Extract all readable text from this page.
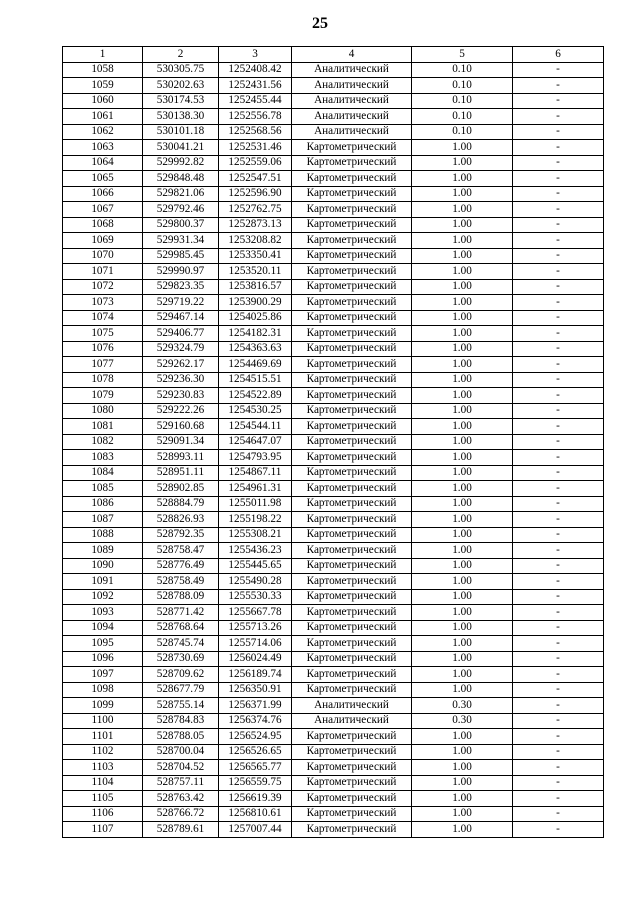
25
1	2	3	4	5	6
1058	530305.75	1252408.42	Аналитический	0.10	-
1059	530202.63	1252431.56	Аналитический	0.10	-
1060	530174.53	1252455.44	Аналитический	0.10	-
1061	530138.30	1252556.78	Аналитический	0.10	-
1062	530101.18	1252568.56	Аналитический	0.10	-
1063	530041.21	1252531.46	Картометрический	1.00	-
1064	529992.82	1252559.06	Картометрический	1.00	-
1065	529848.48	1252547.51	Картометрический	1.00	-
1066	529821.06	1252596.90	Картометрический	1.00	-
1067	529792.46	1252762.75	Картометрический	1.00	-
1068	529800.37	1252873.13	Картометрический	1.00	-
1069	529931.34	1253208.82	Картометрический	1.00	-
1070	529985.45	1253350.41	Картометрический	1.00	-
1071	529990.97	1253520.11	Картометрический	1.00	-
1072	529823.35	1253816.57	Картометрический	1.00	-
1073	529719.22	1253900.29	Картометрический	1.00	-
1074	529467.14	1254025.86	Картометрический	1.00	-
1075	529406.77	1254182.31	Картометрический	1.00	-
1076	529324.79	1254363.63	Картометрический	1.00	-
1077	529262.17	1254469.69	Картометрический	1.00	-
1078	529236.30	1254515.51	Картометрический	1.00	-
1079	529230.83	1254522.89	Картометрический	1.00	-
1080	529222.26	1254530.25	Картометрический	1.00	-
1081	529160.68	1254544.11	Картометрический	1.00	-
1082	529091.34	1254647.07	Картометрический	1.00	-
1083	528993.11	1254793.95	Картометрический	1.00	-
1084	528951.11	1254867.11	Картометрический	1.00	-
1085	528902.85	1254961.31	Картометрический	1.00	-
1086	528884.79	1255011.98	Картометрический	1.00	-
1087	528826.93	1255198.22	Картометрический	1.00	-
1088	528792.35	1255308.21	Картометрический	1.00	-
1089	528758.47	1255436.23	Картометрический	1.00	-
1090	528776.49	1255445.65	Картометрический	1.00	-
1091	528758.49	1255490.28	Картометрический	1.00	-
1092	528788.09	1255530.33	Картометрический	1.00	-
1093	528771.42	1255667.78	Картометрический	1.00	-
1094	528768.64	1255713.26	Картометрический	1.00	-
1095	528745.74	1255714.06	Картометрический	1.00	-
1096	528730.69	1256024.49	Картометрический	1.00	-
1097	528709.62	1256189.74	Картометрический	1.00	-
1098	528677.79	1256350.91	Картометрический	1.00	-
1099	528755.14	1256371.99	Аналитический	0.30	-
1100	528784.83	1256374.76	Аналитический	0.30	-
1101	528788.05	1256524.95	Картометрический	1.00	-
1102	528700.04	1256526.65	Картометрический	1.00	-
1103	528704.52	1256565.77	Картометрический	1.00	-
1104	528757.11	1256559.75	Картометрический	1.00	-
1105	528763.42	1256619.39	Картометрический	1.00	-
1106	528766.72	1256810.61	Картометрический	1.00	-
1107	528789.61	1257007.44	Картометрический	1.00	-
